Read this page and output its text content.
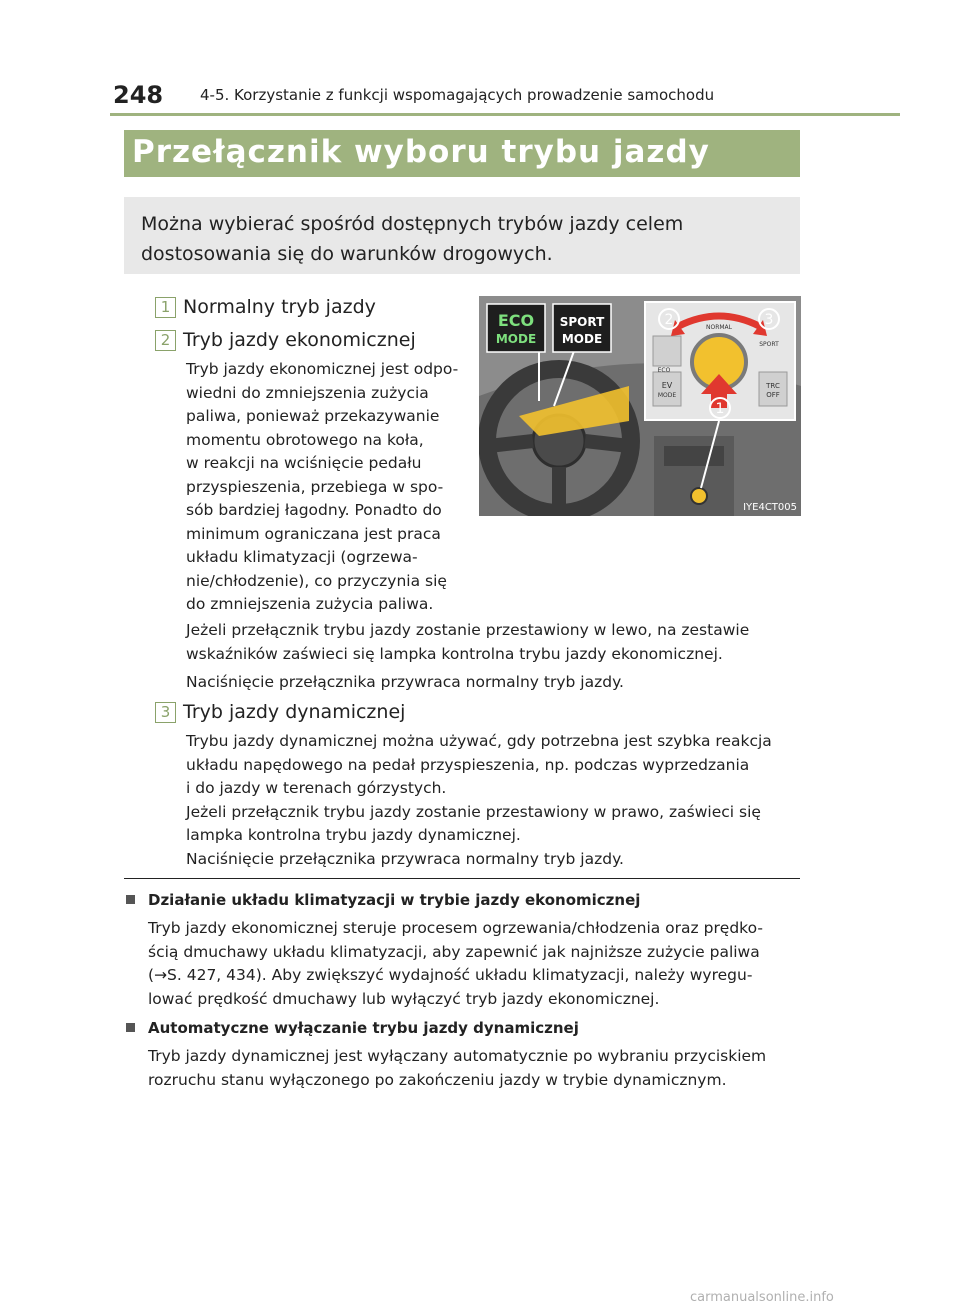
248 4-5. Korzystanie z funkcji wspomagających prowadzenie samochodu
Przełącznik wyboru trybu jazdy
Można wybierać spośród dostępnych trybów jazdy celem dostosowania się do warunków drogowych.
1 Normalny tryb jazdy
2 Tryb jazdy ekonomicznej
Tryb jazdy ekonomicznej jest odpo-
wiedni do zmniejszenia zużycia
paliwa, ponieważ przekazywanie
momentu obrotowego na koła,
w reakcji na wciśnięcie pedału
przyspieszenia, przebiega w spo-
sób bardziej łagodny. Ponadto do
minimum ograniczana jest praca
układu klimatyzacji (ogrzewa-
nie/chłodzenie), co przyczynia się
do zmniejszenia zużycia paliwa.
Jeżeli przełącznik trybu jazdy zostanie przestawiony w lewo, na zestawie
wskaźników zaświeci się lampka kontrolna trybu jazdy ekonomicznej.
Naciśnięcie przełącznika przywraca normalny tryb jazdy.
3 Tryb jazdy dynamicznej
Trybu jazdy dynamicznej można używać, gdy potrzebna jest szybka reakcja
układu napędowego na pedał przyspieszenia, np. podczas wyprzedzania
i do jazdy w terenach górzystych.
Jeżeli przełącznik trybu jazdy zostanie przestawiony w prawo, zaświeci się
lampka kontrolna trybu jazdy dynamicznej.
Naciśnięcie przełącznika przywraca normalny tryb jazdy.
ECO
MODE
SPORT
MODE
EV
MODE
TRC
OFF
ECO
SPORT
NORMAL
2	3
1
IYE4CT005
Działanie układu klimatyzacji w trybie jazdy ekonomicznej
Tryb jazdy ekonomicznej steruje procesem ogrzewania/chłodzenia oraz prędko-
ścią dmuchawy układu klimatyzacji, aby zapewnić jak najniższe zużycie paliwa
(→S. 427, 434). Aby zwiększyć wydajność układu klimatyzacji, należy wyregu-
lować prędkość dmuchawy lub wyłączyć tryb jazdy ekonomicznej.
Automatyczne wyłączanie trybu jazdy dynamicznej
Tryb jazdy dynamicznej jest wyłączany automatycznie po wybraniu przyciskiem
rozruchu stanu wyłączonego po zakończeniu jazdy w trybie dynamicznym.
carmanualsonline.info
